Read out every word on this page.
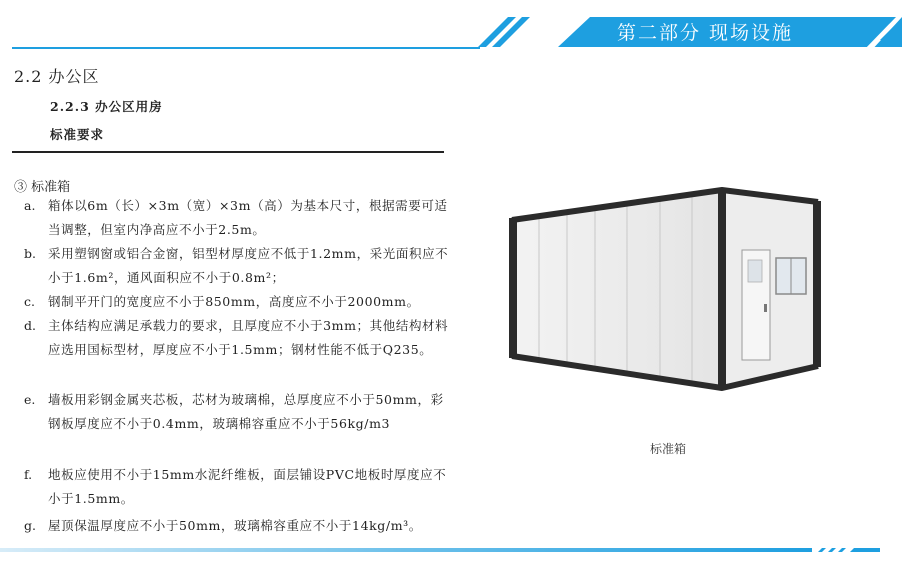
第二部分 现场设施
2.2 办公区
2.2.3 办公区用房
标准要求
③ 标准箱
a.	箱体以6m（长）×3m（宽）×3m（高）为基本尺寸，根据需要可适当调整，但室内净高应不小于2.5m。
b. 采用塑钢窗或铝合金窗，铝型材厚度应不低于1.2mm，采光面积应不小于1.6m²，通风面积应不小于0.8m²；
c.	钢制平开门的宽度应不小于850mm，高度应不小于2000mm。
d. 主体结构应满足承载力的要求，且厚度应不小于3mm；其他结构材料应选用国标型材，厚度应不小于1.5mm；钢材性能不低于Q235。
e.	墙板用彩钢金属夹芯板，芯材为玻璃棉，总厚度应不小于50mm，彩钢板厚度应不小于0.4mm，玻璃棉容重应不小于56kg/m3
f.	地板应使用不小于15mm水泥纤维板，面层铺设PVC地板时厚度应不小于1.5mm。
g. 屋顶保温厚度应不小于50mm，玻璃棉容重应不小于14kg/m³。
标准箱
